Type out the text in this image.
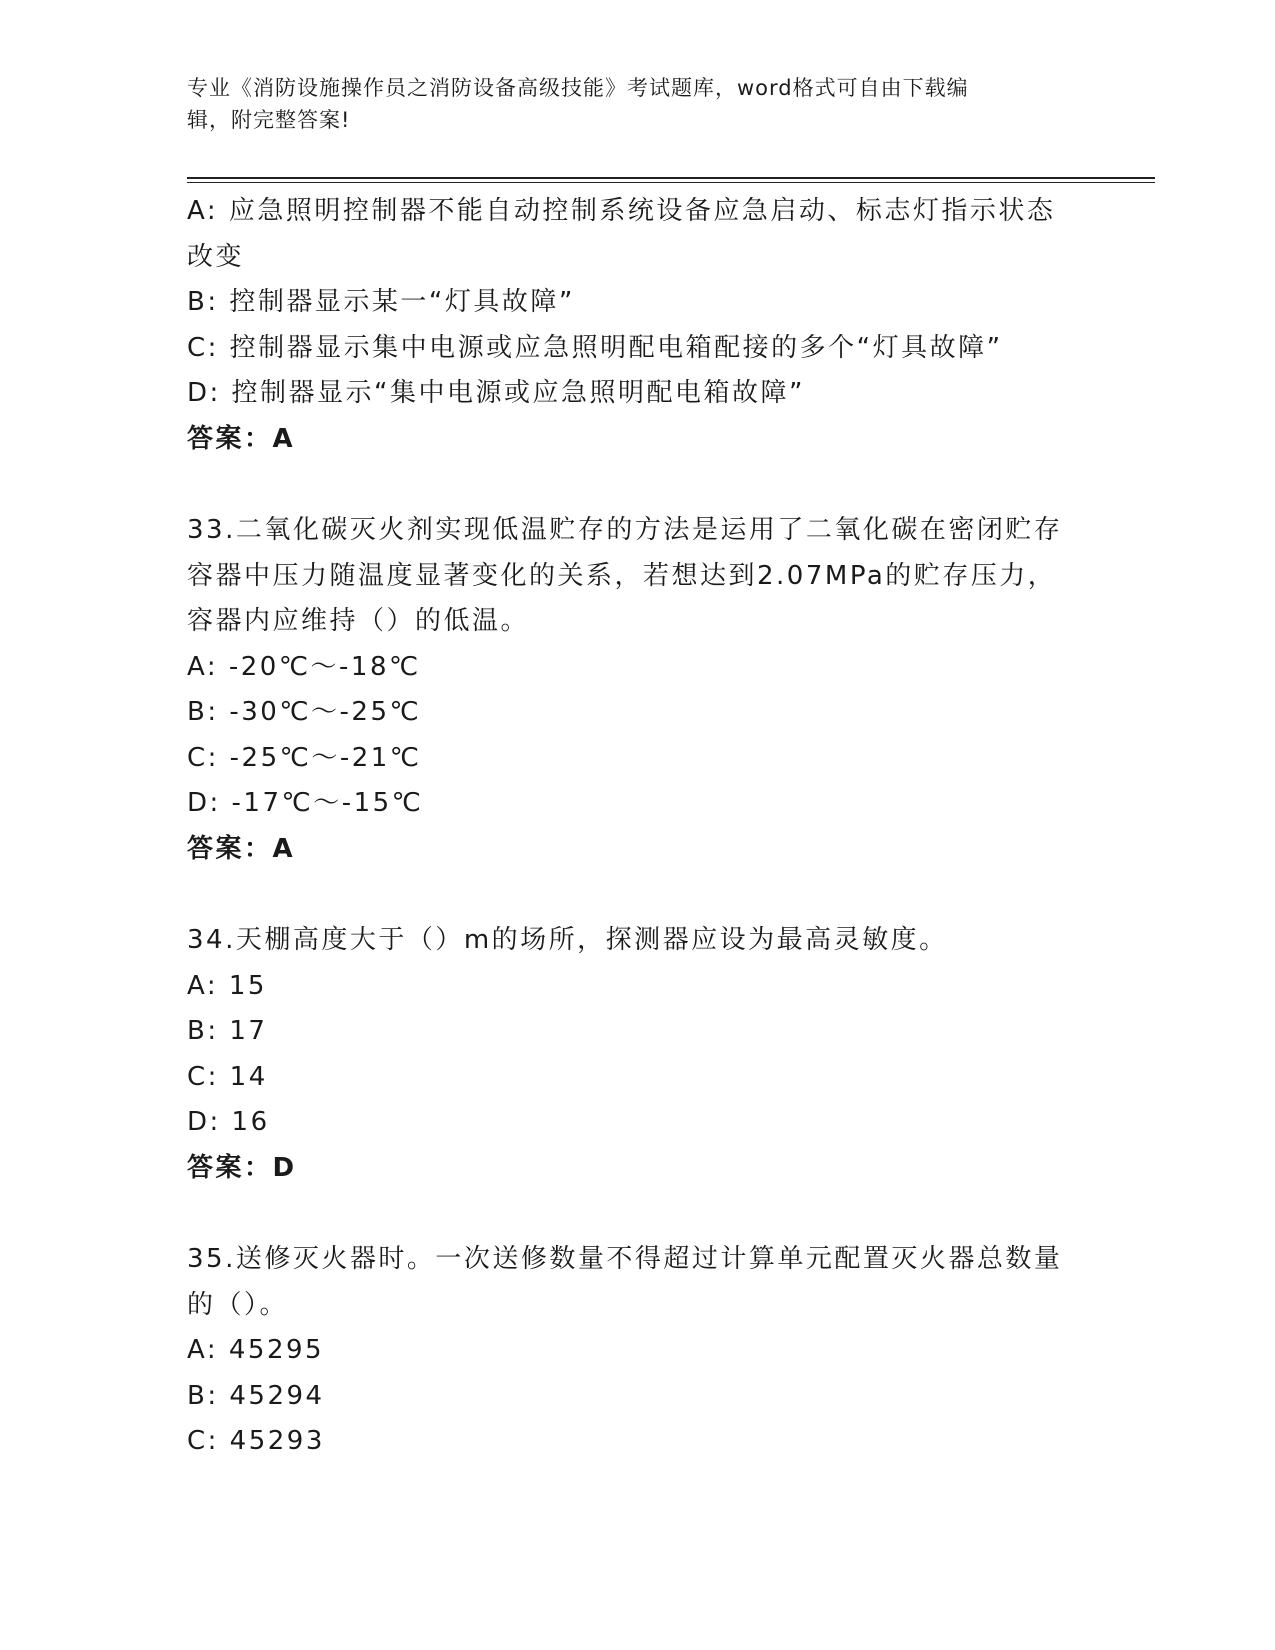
专业《消防设施操作员之消防设备高级技能》考试题库，word格式可自由下载编
辑，附完整答案!
A: 应急照明控制器不能自动控制系统设备应急启动、标志灯指示状态
改变
B: 控制器显示某一“灯具故障”
C: 控制器显示集中电源或应急照明配电箱配接的多个“灯具故障”
D: 控制器显示“集中电源或应急照明配电箱故障”
答案：A
33.二氧化碳灭火剂实现低温贮存的方法是运用了二氧化碳在密闭贮存
容器中压力随温度显著变化的关系，若想达到2.07MPa的贮存压力，
容器内应维持（）的低温。
A: -20℃～-18℃
B: -30℃～-25℃
C: -25℃～-21℃
D: -17℃～-15℃
答案：A
34.天棚高度大于（）m的场所，探测器应设为最高灵敏度。
A: 15
B: 17
C: 14
D: 16
答案：D
35.送修灭火器时。一次送修数量不得超过计算单元配置灭火器总数量
的（）。
A: 45295
B: 45294
C: 45293
